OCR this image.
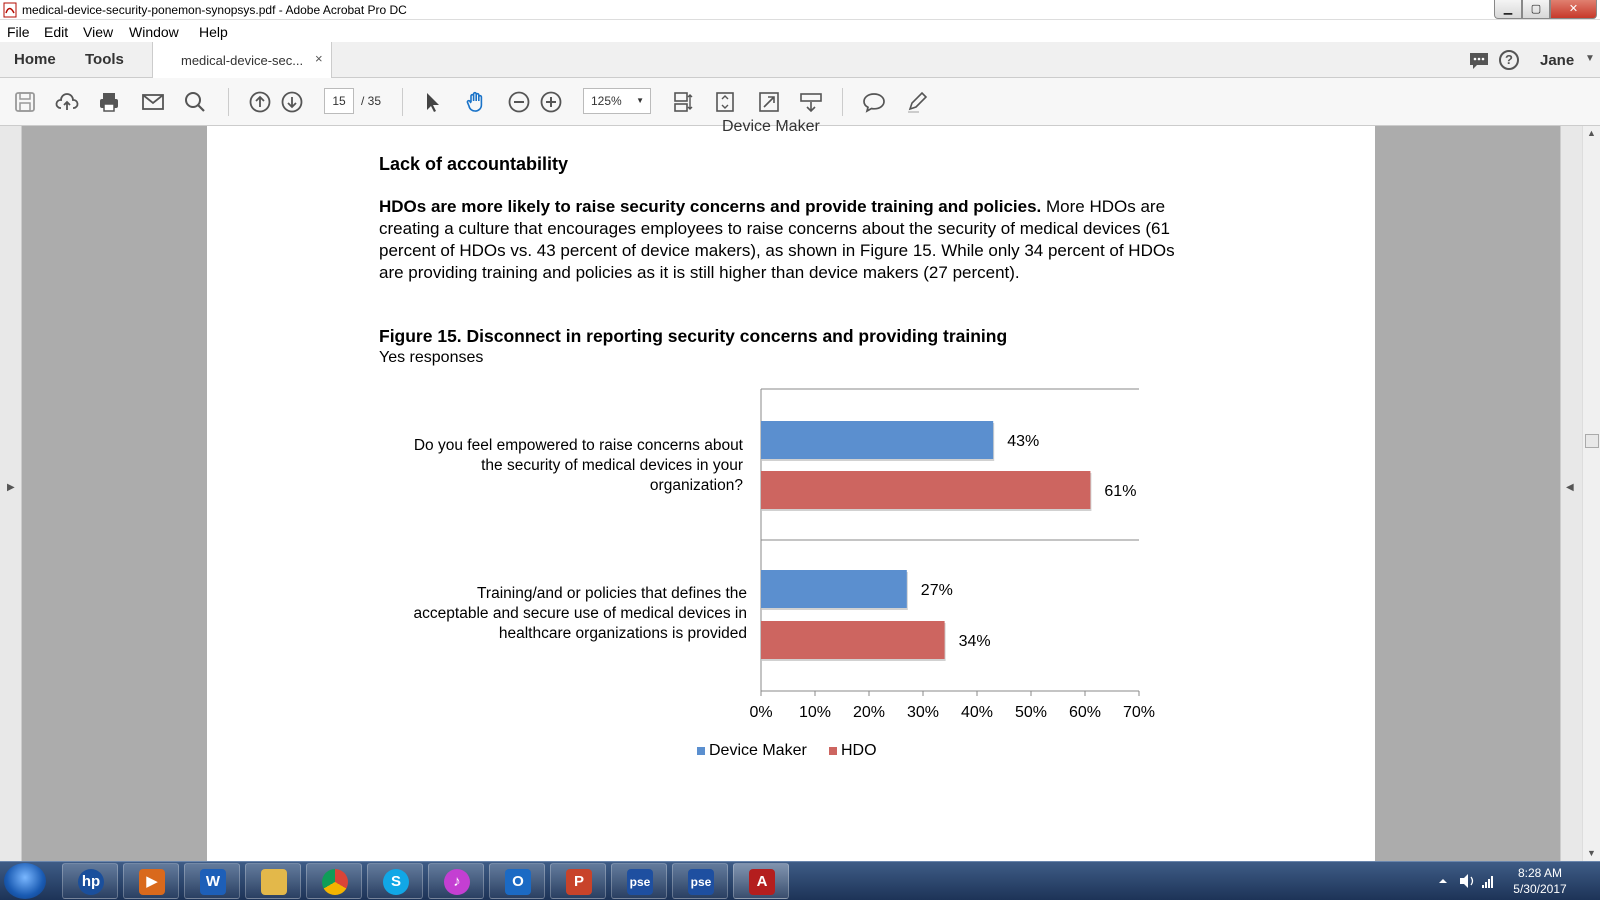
medical-device-security-ponemon-synopsys.pdf - Adobe Acrobat Pro DC	▁	▢	✕
File Edit View Window Help
Home Tools	medical-device-sec... ×	?	Jane ▼
15	/ 35	125% ▼
▶
Device Maker
Lack of accountability
HDOs are more likely to raise security concerns and provide training and policies. More HDOs are creating a culture that encourages employees to raise concerns about the security of medical devices (61 percent of HDOs vs. 43 percent of device makers), as shown in Figure 15. While only 34 percent of HDOs are providing training and policies as it is still higher than device makers (27 percent).
Figure 15. Disconnect in reporting security concerns and providing training
Yes responses
Do you feel empowered to raise concerns about
the security of medical devices in your
organization?
Training/and or policies that defines the
acceptable and secure use of medical devices in
healthcare organizations is provided
0% 10% 20% 30% 40% 50% 60% 70%
43%
27%
61%
34%
Device Maker	HDO
◀
▲
▼
hp	▶	W	S	♪	O	P	pse	pse	A	8:28 AM
5/30/2017
